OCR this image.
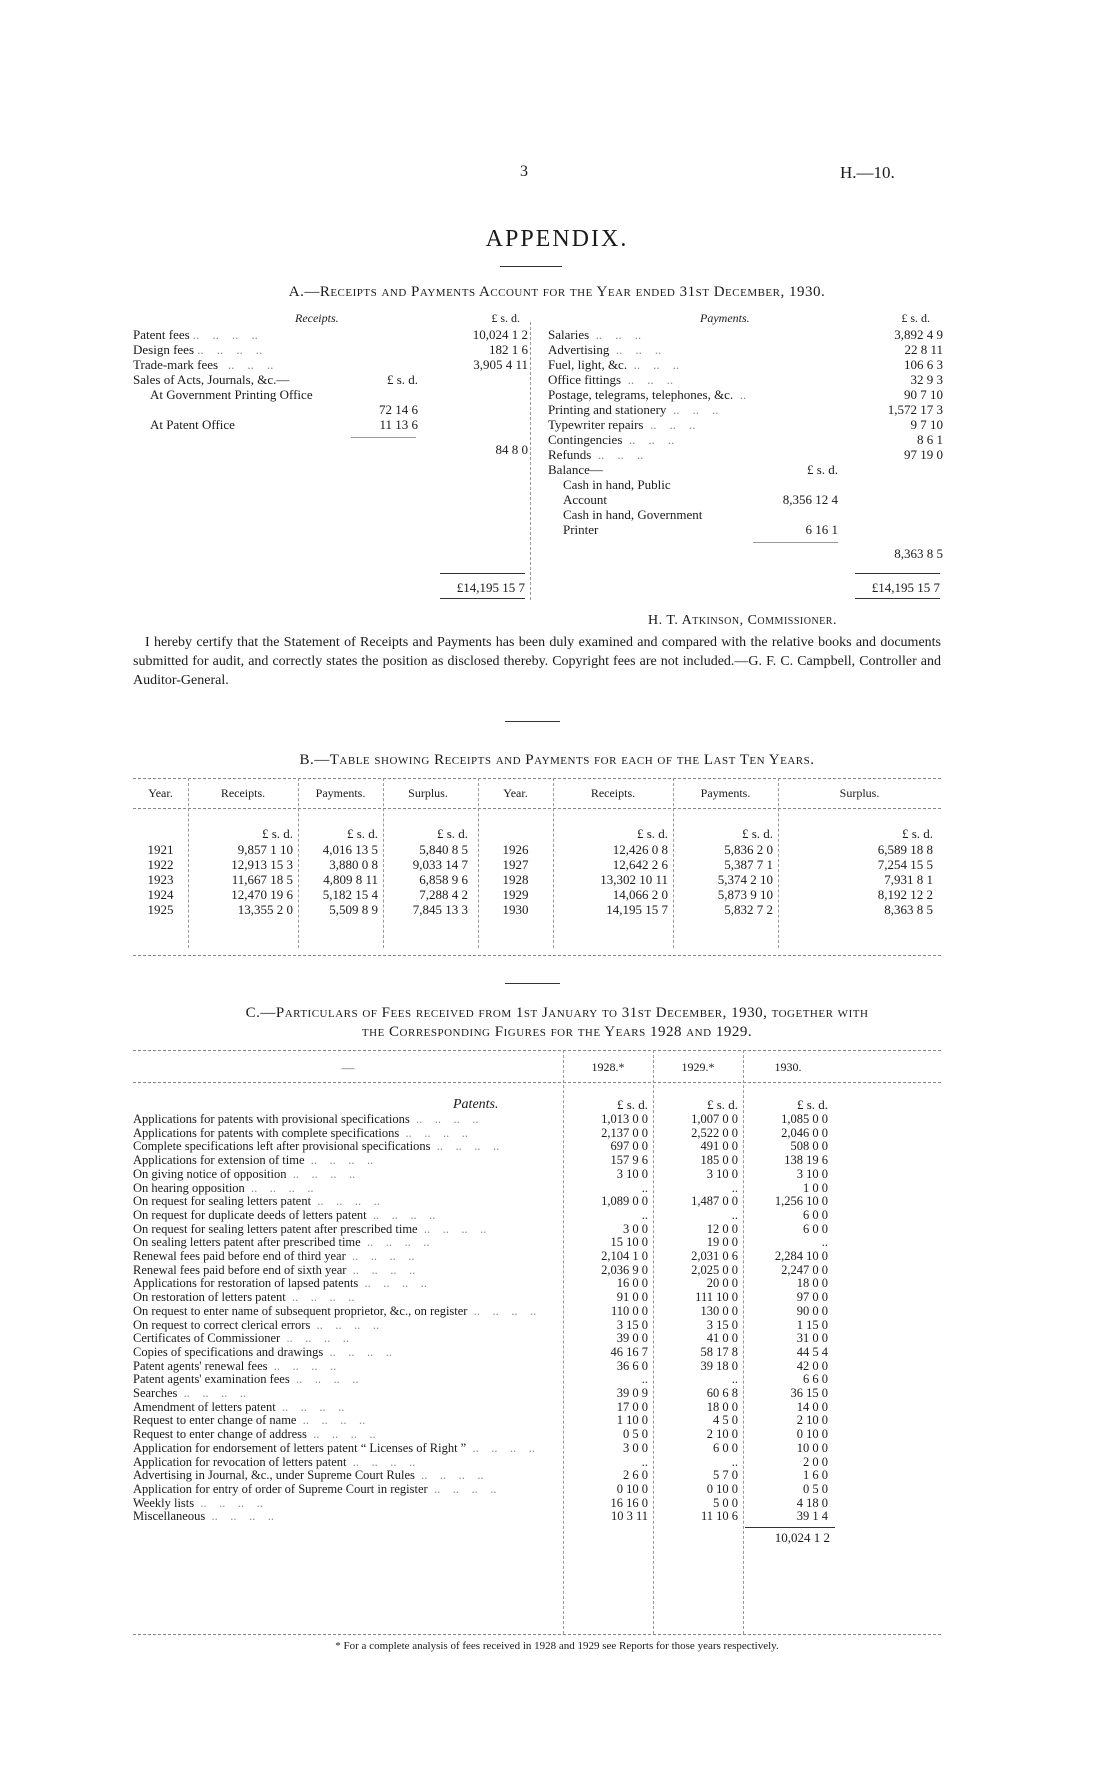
3	H.—10.
APPENDIX.
A.—Receipts and Payments Account for the Year ended 31st December, 1930.
Receipts.	£ s. d.	Payments.	£ s. d.
Patent fees ..    ..    ..    ..	10,024 1 2
Design fees ..    ..    ..    ..	182 1 6
Trade-mark fees   ..    ..    ..	3,905 4 11
Sales of Acts, Journals, &c.—	£ s. d.
At Government Printing Office
72 14 6
At Patent Office	11 13 6
84 8 0
£14,195 15 7
Salaries  ..    ..    ..	3,892 4 9
Advertising  ..    ..    ..	22 8 11
Fuel, light, &c.  ..    ..    ..	106 6 3
Office fittings  ..    ..    ..	32 9 3
Postage, telegrams, telephones, &c.  ..	90 7 10
Printing and stationery  ..    ..    ..	1,572 17 3
Typewriter repairs  ..    ..    ..	9 7 10
Contingencies  ..    ..    ..	8 6 1
Refunds  ..    ..    ..	97 19 0
Balance—	£ s. d.
Cash in hand, Public Account	8,356 12 4
Cash in hand, Government Printer	6 16 1
8,363 8 5
£14,195 15 7
H. T. Atkinson, Commissioner.
I hereby certify that the Statement of Receipts and Payments has been duly examined and compared with the relative books and documents submitted for audit, and correctly states the position as disclosed thereby. Copyright fees are not included.—G. F. C. Campbell, Controller and Auditor-General.
B.—Table showing Receipts and Payments for each of the Last Ten Years.
Year.	Receipts.	Payments.	Surplus.	Year.	Receipts.	Payments.	Surplus.
£ s. d.	£ s. d.	£ s. d.	£ s. d.	£ s. d.	£ s. d.
1921	9,857 1 10	4,016 13 5	5,840 8 5	1926	12,426 0 8	5,836 2 0	6,589 18 8
1922	12,913 15 3	3,880 0 8	9,033 14 7	1927	12,642 2 6	5,387 7 1	7,254 15 5
1923	11,667 18 5	4,809 8 11	6,858 9 6	1928	13,302 10 11	5,374 2 10	7,931 8 1
1924	12,470 19 6	5,182 15 4	7,288 4 2	1929	14,066 2 0	5,873 9 10	8,192 12 2
1925	13,355 2 0	5,509 8 9	7,845 13 3	1930	14,195 15 7	5,832 7 2	8,363 8 5
C.—Particulars of Fees received from 1st January to 31st December, 1930, together with
the Corresponding Figures for the Years 1928 and 1929.
—	1928.*
£ s. d.
1929.*
£ s. d.
1930.
£ s. d.
Patents.
Applications for patents with provisional specifications  ..    ..    ..    ..	1,013 0 0	1,007 0 0	1,085 0 0
Applications for patents with complete specifications  ..    ..    ..    ..	2,137 0 0	2,522 0 0	2,046 0 0
Complete specifications left after provisional specifications  ..    ..    ..    ..	697 0 0	491 0 0	508 0 0
Applications for extension of time  ..    ..    ..    ..	157 9 6	185 0 0	138 19 6
On giving notice of opposition  ..    ..    ..    ..	3 10 0	3 10 0	3 10 0
On hearing opposition  ..    ..    ..    ..	..	..	1 0 0
On request for sealing letters patent  ..    ..    ..    ..	1,089 0 0	1,487 0 0	1,256 10 0
On request for duplicate deeds of letters patent  ..    ..    ..    ..	..	..	6 0 0
On request for sealing letters patent after prescribed time  ..    ..    ..    ..	3 0 0	12 0 0	6 0 0
On sealing letters patent after prescribed time  ..    ..    ..    ..	15 10 0	19 0 0	..
Renewal fees paid before end of third year  ..    ..    ..    ..	2,104 1 0	2,031 0 6	2,284 10 0
Renewal fees paid before end of sixth year  ..    ..    ..    ..	2,036 9 0	2,025 0 0	2,247 0 0
Applications for restoration of lapsed patents  ..    ..    ..    ..	16 0 0	20 0 0	18 0 0
On restoration of letters patent  ..    ..    ..    ..	91 0 0	111 10 0	97 0 0
On request to enter name of subsequent proprietor, &c., on register  ..    ..    ..    ..	110 0 0	130 0 0	90 0 0
On request to correct clerical errors  ..    ..    ..    ..	3 15 0	3 15 0	1 15 0
Certificates of Commissioner  ..    ..    ..    ..	39 0 0	41 0 0	31 0 0
Copies of specifications and drawings  ..    ..    ..    ..	46 16 7	58 17 8	44 5 4
Patent agents' renewal fees  ..    ..    ..    ..	36 6 0	39 18 0	42 0 0
Patent agents' examination fees  ..    ..    ..    ..	..	..	6 6 0
Searches  ..    ..    ..    ..	39 0 9	60 6 8	36 15 0
Amendment of letters patent  ..    ..    ..    ..	17 0 0	18 0 0	14 0 0
Request to enter change of name  ..    ..    ..    ..	1 10 0	4 5 0	2 10 0
Request to enter change of address  ..    ..    ..    ..	0 5 0	2 10 0	0 10 0
Application for endorsement of letters patent “ Licenses of Right ”  ..    ..    ..    ..	3 0 0	6 0 0	10 0 0
Application for revocation of letters patent  ..    ..    ..    ..	..	..	2 0 0
Advertising in Journal, &c., under Supreme Court Rules  ..    ..    ..    ..	2 6 0	5 7 0	1 6 0
Application for entry of order of Supreme Court in register  ..    ..    ..    ..	0 10 0	0 10 0	0 5 0
Weekly lists  ..    ..    ..    ..	16 16 0	5 0 0	4 18 0
Miscellaneous  ..    ..    ..    ..	10 3 11	11 10 6	39 1 4
10,024 1 2
* For a complete analysis of fees received in 1928 and 1929 see Reports for those years respectively.
